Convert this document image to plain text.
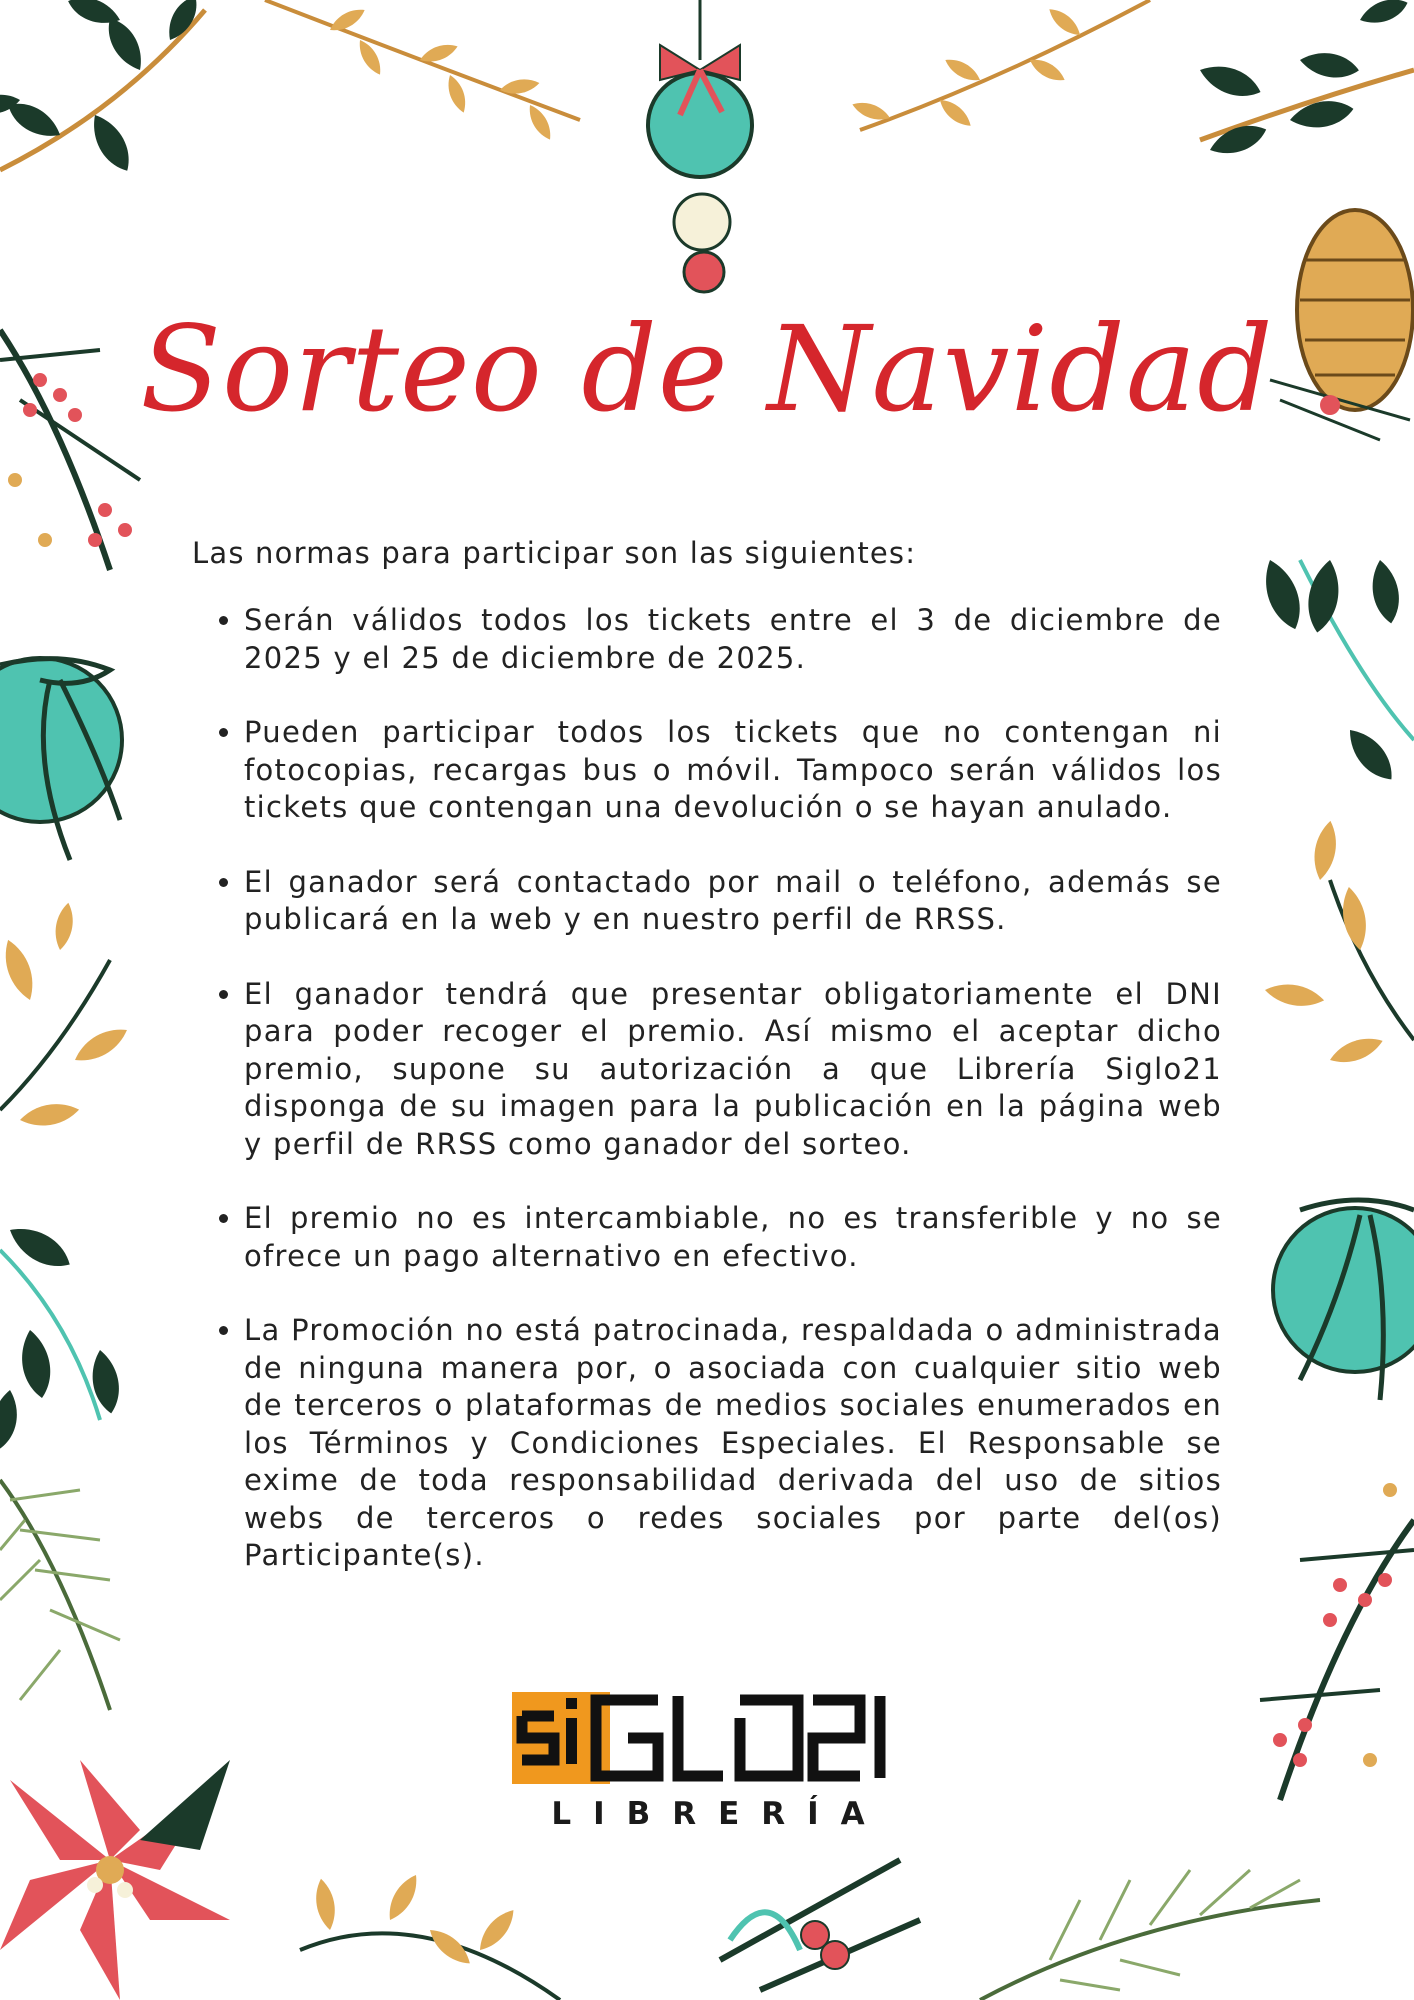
Sorteo de Navidad

Las normas para participar son las siguientes:

• Serán válidos todos los tickets entre el 3 de diciembre de 2025 y el 25 de diciembre de 2025.
• Pueden participar todos los tickets que no contengan ni fotocopias, recargas bus o móvil. Tampoco serán válidos los tickets que contengan una devolución o se hayan anulado.
• El ganador será contactado por mail o teléfono, además se publicará en la web y en nuestro perfil de RRSS.
• El ganador tendrá que presentar obligatoriamente el DNI para poder recoger el premio. Así mismo el aceptar dicho premio, supone su autorización a que Librería Siglo21 disponga de su imagen para la publicación en la página web y perfil de RRSS como ganador del sorteo.
• El premio no es intercambiable, no es transferible y no se ofrece un pago alternativo en efectivo.
• La Promoción no está patrocinada, respaldada o administrada de ninguna manera por, o asociada con cualquier sitio web de terceros o plataformas de medios sociales enumerados en los Términos y Condiciones Especiales. El Responsable se exime de toda responsabilidad derivada del uso de sitios webs de terceros o redes sociales por parte del(os) Participante(s).
LIBRERÍA
